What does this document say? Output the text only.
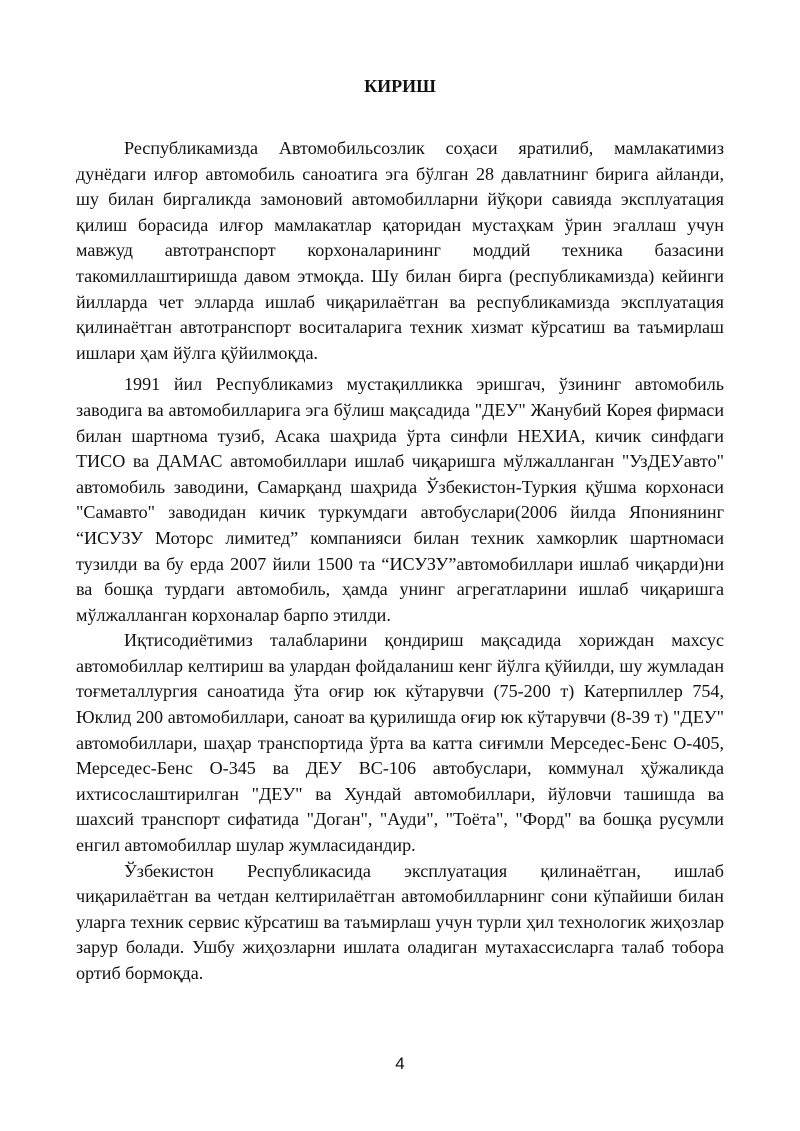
КИРИШ

Республикамизда Автомобильсозлик соҳаси яратилиб, мамлакатимиз дунёдаги илғор автомобиль саноатига эга бўлган 28 давлатнинг бирига айланди, шу билан биргаликда замоновий автомобилларни йўқори савияда эксплуатация қилиш борасида илғор мамлакатлар қаторидан мустаҳкам ўрин эгаллаш учун мавжуд автотранспорт корхоналарининг моддий техника базасини такомиллаштиришда давом этмоқда. Шу билан бирга (республикамизда) кейинги йилларда чет элларда ишлаб чиқарилаётган ва республикамизда эксплуатация қилинаётган автотранспорт воситаларига техник хизмат кўрсатиш ва таъмирлаш ишлари ҳам йўлга қўйилмоқда.

1991 йил Республикамиз мустақилликка эришгач, ўзининг автомобиль заводига ва автомобилларига эга бўлиш мақсадида "ДЕУ" Жанубий Корея фирмаси билан шартнома тузиб, Асака шаҳрида ўрта синфли НЕХИА, кичик синфдаги ТИСО ва ДАМАС автомобиллари ишлаб чиқаришга мўлжалланган "УзДЕУавто" автомобиль заводини, Самарқанд шаҳрида Ўзбекистон-Туркия қўшма корхонаси "Самавто" заводидан кичик туркумдаги автобуслари(2006 йилда Япониянинг “ИСУЗУ Моторс лимитед” компанияси билан техник хамкорлик шартномаси тузилди ва бу ерда 2007 йили 1500 та “ИСУЗУ”автомобиллари ишлаб чиқарди)ни ва бошқа турдаги автомобиль, ҳамда унинг агрегатларини ишлаб чиқаришга мўлжалланган корхоналар барпо этилди.

Иқтисодиётимиз талабларини қондириш мақсадида хориждан махсус автомобиллар келтириш ва улардан фойдаланиш кенг йўлга қўйилди, шу жумладан тоғметаллургия саноатида ўта оғир юк кўтарувчи (75-200 т) Катерпиллер 754, Юклид 200 автомобиллари, саноат ва қурилишда оғир юк кўтарувчи (8-39 т) "ДЕУ" автомобиллари, шаҳар транспортида ўрта ва катта сиғимли Мерседес-Бенс О-405, Мерседес-Бенс О-345 ва ДЕУ ВС-106 автобуслари, коммунал ҳўжаликда ихтисослаштирилган "ДЕУ" ва Хундай автомобиллари, йўловчи ташишда ва шахсий транспорт сифатида "Доган", "Ауди", "Тоёта", "Форд" ва бошқа русумли енгил автомобиллар шулар жумласидандир.

Ўзбекистон Республикасида эксплуатация қилинаётган, ишлаб чиқарилаётган ва четдан келтирилаётган автомобилларнинг сони кўпайиши билан уларга техник сервис кўрсатиш ва таъмирлаш учун турли ҳил технологик жиҳозлар зарур болади. Ушбу жиҳозларни ишлата оладиган мутахассисларга талаб тобора ортиб бормоқда.

4
